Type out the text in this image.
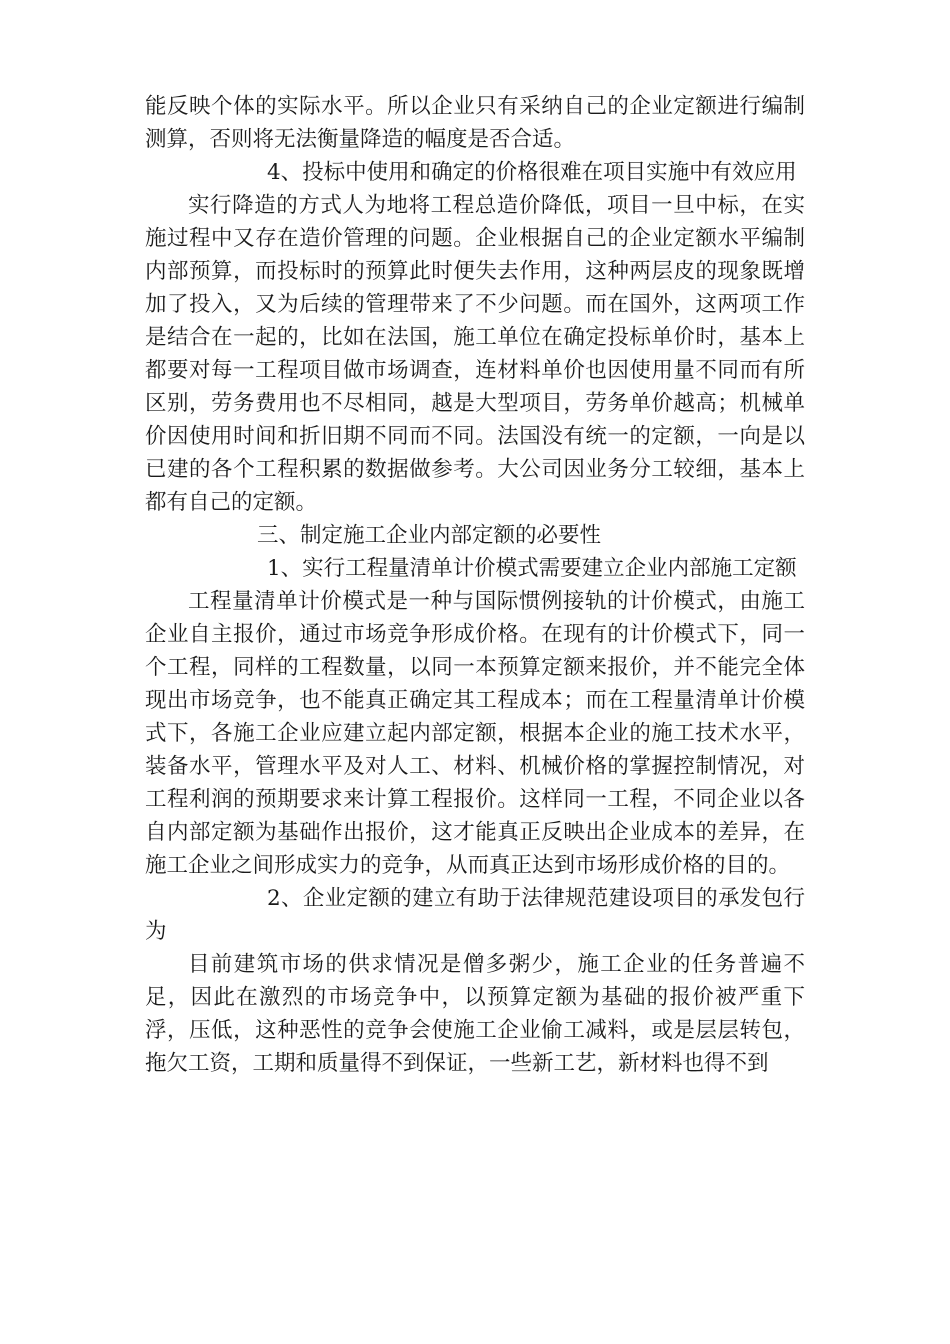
能反映个体的实际水平。所以企业只有采纳自己的企业定额进行编制测算，否则将无法衡量降造的幅度是否合适。

4、投标中使用和确定的价格很难在项目实施中有效应用

实行降造的方式人为地将工程总造价降低，项目一旦中标，在实施过程中又存在造价管理的问题。企业根据自己的企业定额水平编制内部预算，而投标时的预算此时便失去作用，这种两层皮的现象既增加了投入，又为后续的管理带来了不少问题。而在国外，这两项工作是结合在一起的，比如在法国，施工单位在确定投标单价时，基本上都要对每一工程项目做市场调查，连材料单价也因使用量不同而有所区别，劳务费用也不尽相同，越是大型项目，劳务单价越高；机械单价因使用时间和折旧期不同而不同。法国没有统一的定额，一向是以已建的各个工程积累的数据做参考。大公司因业务分工较细，基本上都有自己的定额。

三、制定施工企业内部定额的必要性

1、实行工程量清单计价模式需要建立企业内部施工定额

工程量清单计价模式是一种与国际惯例接轨的计价模式，由施工企业自主报价，通过市场竞争形成价格。在现有的计价模式下，同一个工程，同样的工程数量，以同一本预算定额来报价，并不能完全体现出市场竞争，也不能真正确定其工程成本；而在工程量清单计价模式下，各施工企业应建立起内部定额，根据本企业的施工技术水平，装备水平，管理水平及对人工、材料、机械价格的掌握控制情况，对工程利润的预期要求来计算工程报价。这样同一工程，不同企业以各自内部定额为基础作出报价，这才能真正反映出企业成本的差异，在施工企业之间形成实力的竞争，从而真正达到市场形成价格的目的。

2、企业定额的建立有助于法律规范建设项目的承发包行为

目前建筑市场的供求情况是僧多粥少，施工企业的任务普遍不足，因此在激烈的市场竞争中，以预算定额为基础的报价被严重下浮，压低，这种恶性的竞争会使施工企业偷工减料，或是层层转包，拖欠工资，工期和质量得不到保证，一些新工艺，新材料也得不到
